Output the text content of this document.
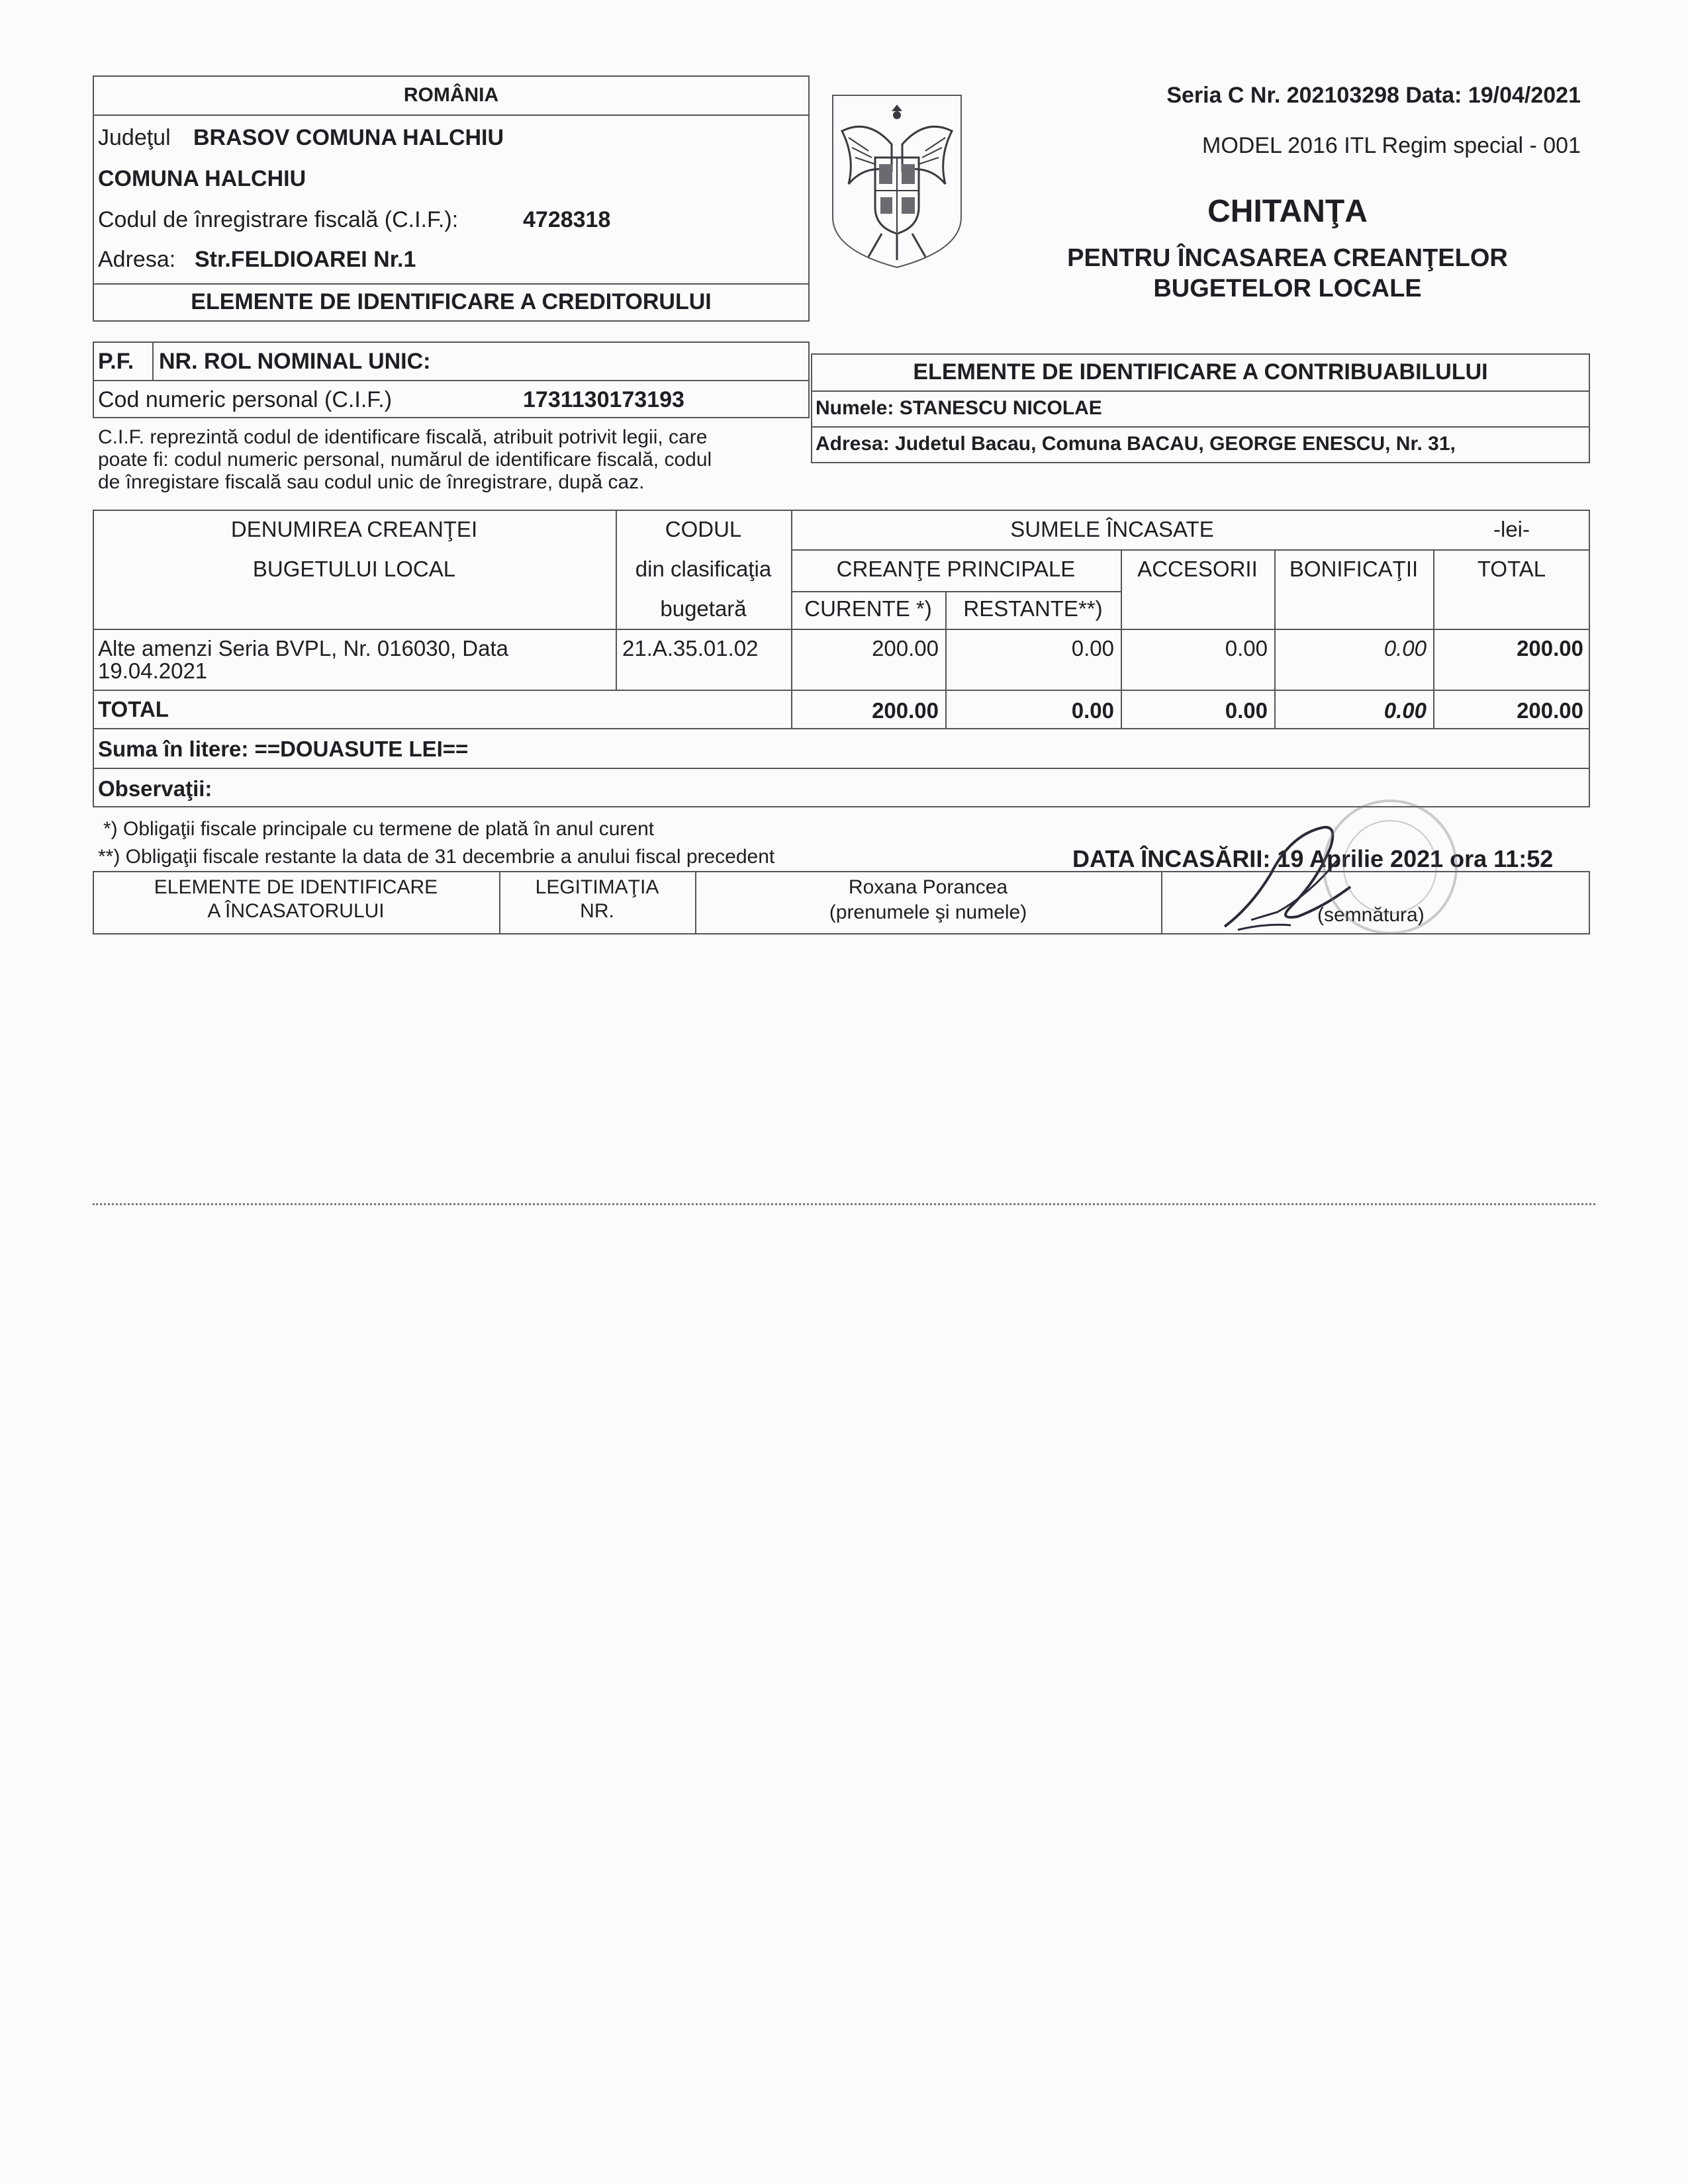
ROMÂNIA
Judeţul BRASOV COMUNA HALCHIU
COMUNA HALCHIU
Codul de înregistrare fiscală (C.I.F.):	4728318
Adresa: Str.FELDIOAREI Nr.1
ELEMENTE DE IDENTIFICARE A CREDITORULUI
Seria C Nr. 202103298 Data: 19/04/2021
MODEL 2016 ITL Regim special - 001
CHITANŢA
PENTRU ÎNCASAREA CREANŢELOR
BUGETELOR LOCALE
P.F. NR. ROL NOMINAL UNIC:
Cod numeric personal (C.I.F.)	1731130173193
C.I.F. reprezintă codul de identificare fiscală, atribuit potrivit legii, care
poate fi: codul numeric personal, numărul de identificare fiscală, codul
de înregistare fiscală sau codul unic de înregistrare, după caz.
ELEMENTE DE IDENTIFICARE A CONTRIBUABILULUI
Numele: STANESCU NICOLAE
Adresa: Judetul Bacau, Comuna BACAU, GEORGE ENESCU, Nr. 31,
DENUMIREA CREANŢEI
BUGETULUI LOCAL
CODUL
din clasificaţia
bugetară
SUMELE ÎNCASATE	-lei-
CREANŢE PRINCIPALE
CURENTE *)	RESTANTE**)
ACCESORII	BONIFICAŢII	TOTAL
Alte amenzi Seria BVPL, Nr. 016030, Data
19.04.2021
21.A.35.01.02	200.00	0.00	0.00	0.00	200.00
TOTAL	200.00	0.00	0.00	0.00	200.00
Suma în litere: ==DOUASUTE LEI==
Observaţii:
*) Obligaţii fiscale principale cu termene de plată în anul curent
**) Obligaţii fiscale restante la data de 31 decembrie a anului fiscal precedent	DATA ÎNCASĂRII: 19 Aprilie 2021 ora 11:52
ELEMENTE DE IDENTIFICARE
A ÎNCASATORULUI
LEGITIMAŢIA
NR.
Roxana Porancea
(prenumele şi numele)	(semnătura)
